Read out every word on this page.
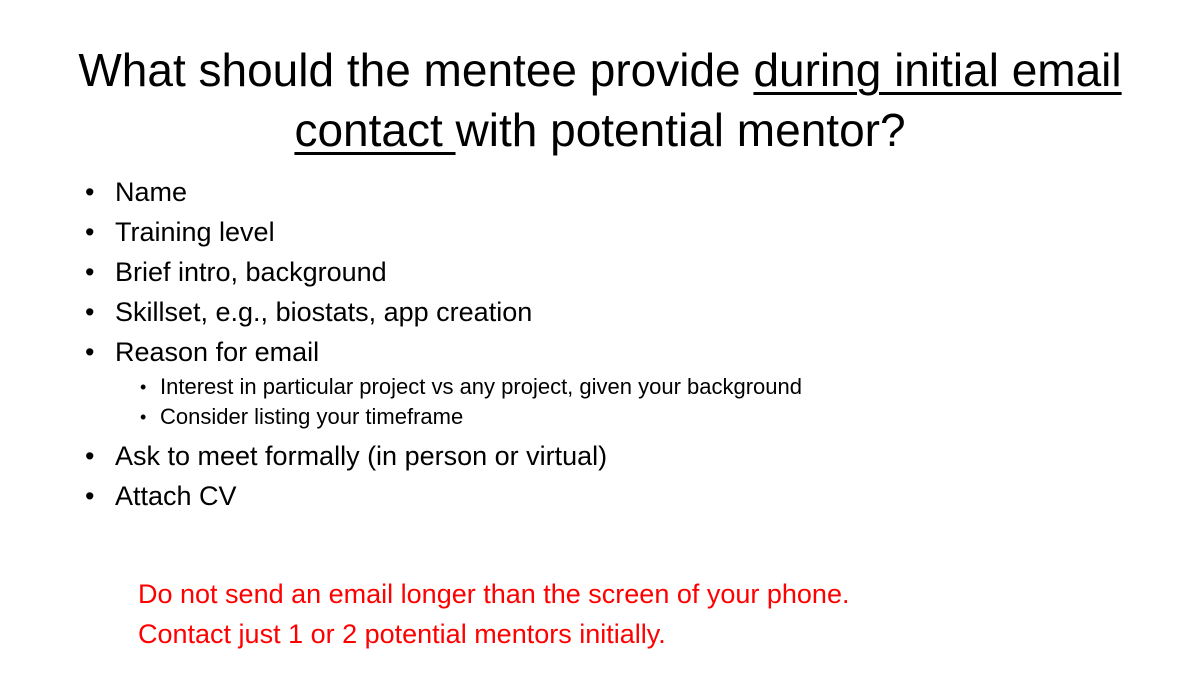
What should the mentee provide during initial email contact with potential mentor?
• Name
• Training level
• Brief intro, background
• Skillset, e.g., biostats, app creation
• Reason for email
• Interest in particular project vs any project, given your background
• Consider listing your timeframe
• Ask to meet formally (in person or virtual)
• Attach CV
Do not send an email longer than the screen of your phone.
Contact just 1 or 2 potential mentors initially.
